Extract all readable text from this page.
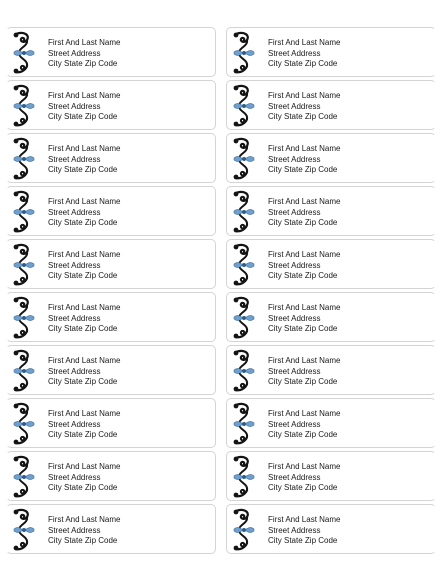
First And Last Name
Street Address
City State Zip Code
First And Last Name
Street Address
City State Zip Code
First And Last Name
Street Address
City State Zip Code
First And Last Name
Street Address
City State Zip Code
First And Last Name
Street Address
City State Zip Code
First And Last Name
Street Address
City State Zip Code
First And Last Name
Street Address
City State Zip Code
First And Last Name
Street Address
City State Zip Code
First And Last Name
Street Address
City State Zip Code
First And Last Name
Street Address
City State Zip Code
First And Last Name
Street Address
City State Zip Code
First And Last Name
Street Address
City State Zip Code
First And Last Name
Street Address
City State Zip Code
First And Last Name
Street Address
City State Zip Code
First And Last Name
Street Address
City State Zip Code
First And Last Name
Street Address
City State Zip Code
First And Last Name
Street Address
City State Zip Code
First And Last Name
Street Address
City State Zip Code
First And Last Name
Street Address
City State Zip Code
First And Last Name
Street Address
City State Zip Code
